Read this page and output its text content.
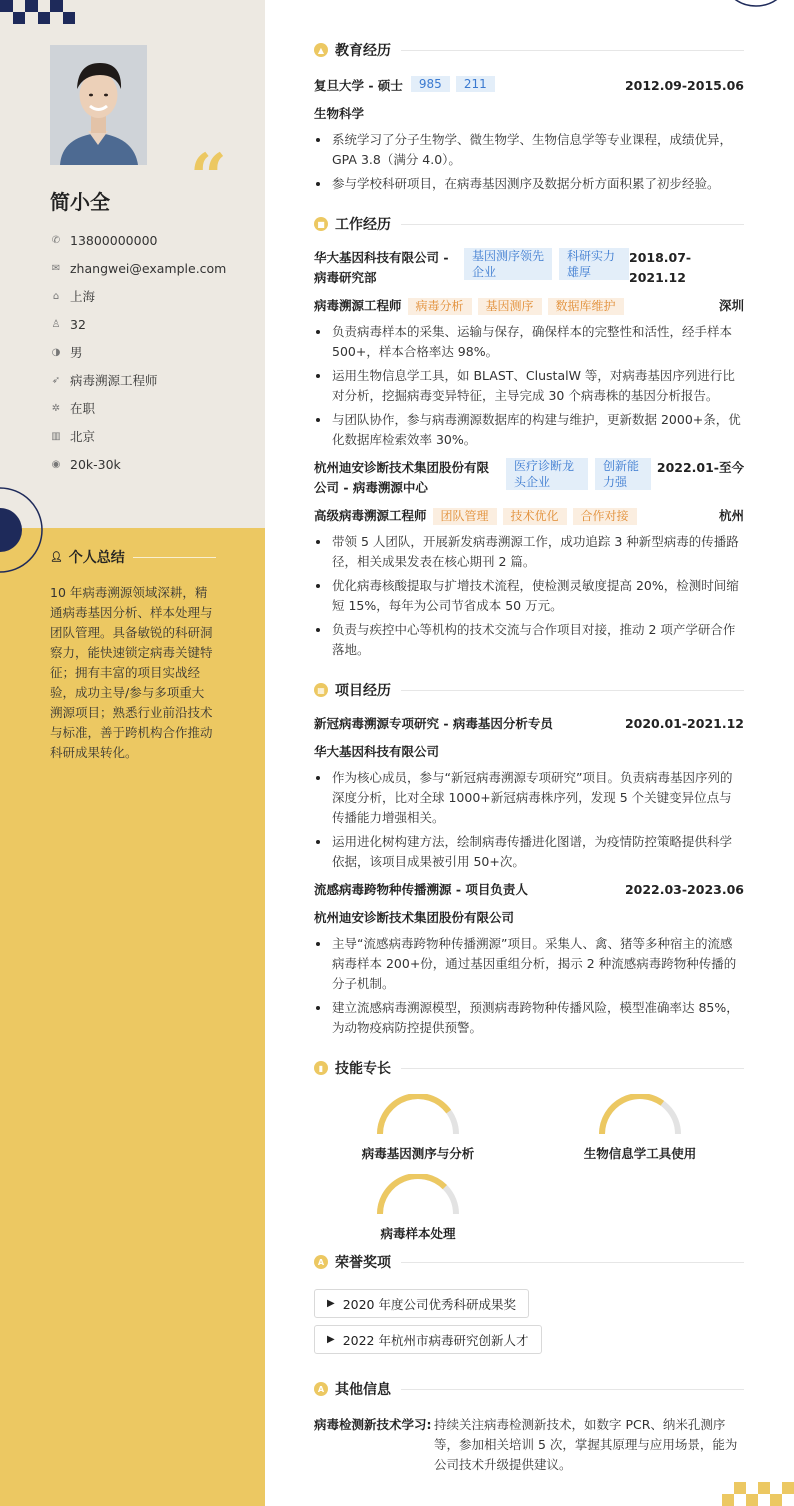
“
简小全
✆ 13800000000
✉ zhangwei@example.com
⌂ 上海
♙ 32
◑ 男
➶ 病毒溯源工程师
✲ 在职
▥ 北京
◉ 20k-30k
👤︎ 个人总结
10 年病毒溯源领域深耕，精通病毒基因分析、样本处理与团队管理。具备敏锐的科研洞察力，能快速锁定病毒关键特征；拥有丰富的项目实战经验，成功主导/参与多项重大溯源项目；熟悉行业前沿技术与标准，善于跨机构合作推动科研成果转化。
▲ 教育经历
复旦大学 - 硕士	985	211	2012.09-2015.06
生物科学
系统学习了分子生物学、微生物学、生物信息学等专业课程，成绩优异，GPA 3.8（满分 4.0）。
参与学校科研项目，在病毒基因测序及数据分析方面积累了初步经验。
■ 工作经历
华大基因科技有限公司 - 病毒研究部
基因测序领先企业
科研实力雄厚
2018.07-2021.12
病毒溯源工程师	病毒分析	基因测序	数据库维护	深圳
负责病毒样本的采集、运输与保存，确保样本的完整性和活性，经手样本 500+，样本合格率达 98%。
运用生物信息学工具，如 BLAST、ClustalW 等，对病毒基因序列进行比对分析，挖掘病毒变异特征，主导完成 30 个病毒株的基因分析报告。
与团队协作，参与病毒溯源数据库的构建与维护，更新数据 2000+条，优化数据库检索效率 30%。
杭州迪安诊断技术集团股份有限公司 - 病毒溯源中心
医疗诊断龙头企业
创新能力强
2022.01-至今
高级病毒溯源工程师	团队管理	技术优化	合作对接	杭州
带领 5 人团队，开展新发病毒溯源工作，成功追踪 3 种新型病毒的传播路径，相关成果发表在核心期刊 2 篇。
优化病毒核酸提取与扩增技术流程，使检测灵敏度提高 20%，检测时间缩短 15%，每年为公司节省成本 50 万元。
负责与疾控中心等机构的技术交流与合作项目对接，推动 2 项产学研合作落地。
▦ 项目经历
新冠病毒溯源专项研究 - 病毒基因分析专员	2020.01-2021.12
华大基因科技有限公司
作为核心成员，参与“新冠病毒溯源专项研究”项目。负责病毒基因序列的深度分析，比对全球 1000+新冠病毒株序列，发现 5 个关键变异位点与传播能力增强相关。
运用进化树构建方法，绘制病毒传播进化图谱，为疫情防控策略提供科学依据，该项目成果被引用 50+次。
流感病毒跨物种传播溯源 - 项目负责人	2022.03-2023.06
杭州迪安诊断技术集团股份有限公司
主导“流感病毒跨物种传播溯源”项目。采集人、禽、猪等多种宿主的流感病毒样本 200+份，通过基因重组分析，揭示 2 种流感病毒跨物种传播的分子机制。
建立流感病毒溯源模型，预测病毒跨物种传播风险，模型准确率达 85%，为动物疫病防控提供预警。
▮ 技能专长
病毒基因测序与分析	生物信息学工具使用
病毒样本处理
A 荣誉奖项
▶ 2020 年度公司优秀科研成果奖
▶ 2022 年杭州市病毒研究创新人才
A 其他信息
病毒检测新技术学习: 持续关注病毒检测新技术，如数字 PCR、纳米孔测序等，参加相关培训 5 次，掌握其原理与应用场景，能为公司技术升级提供建议。
